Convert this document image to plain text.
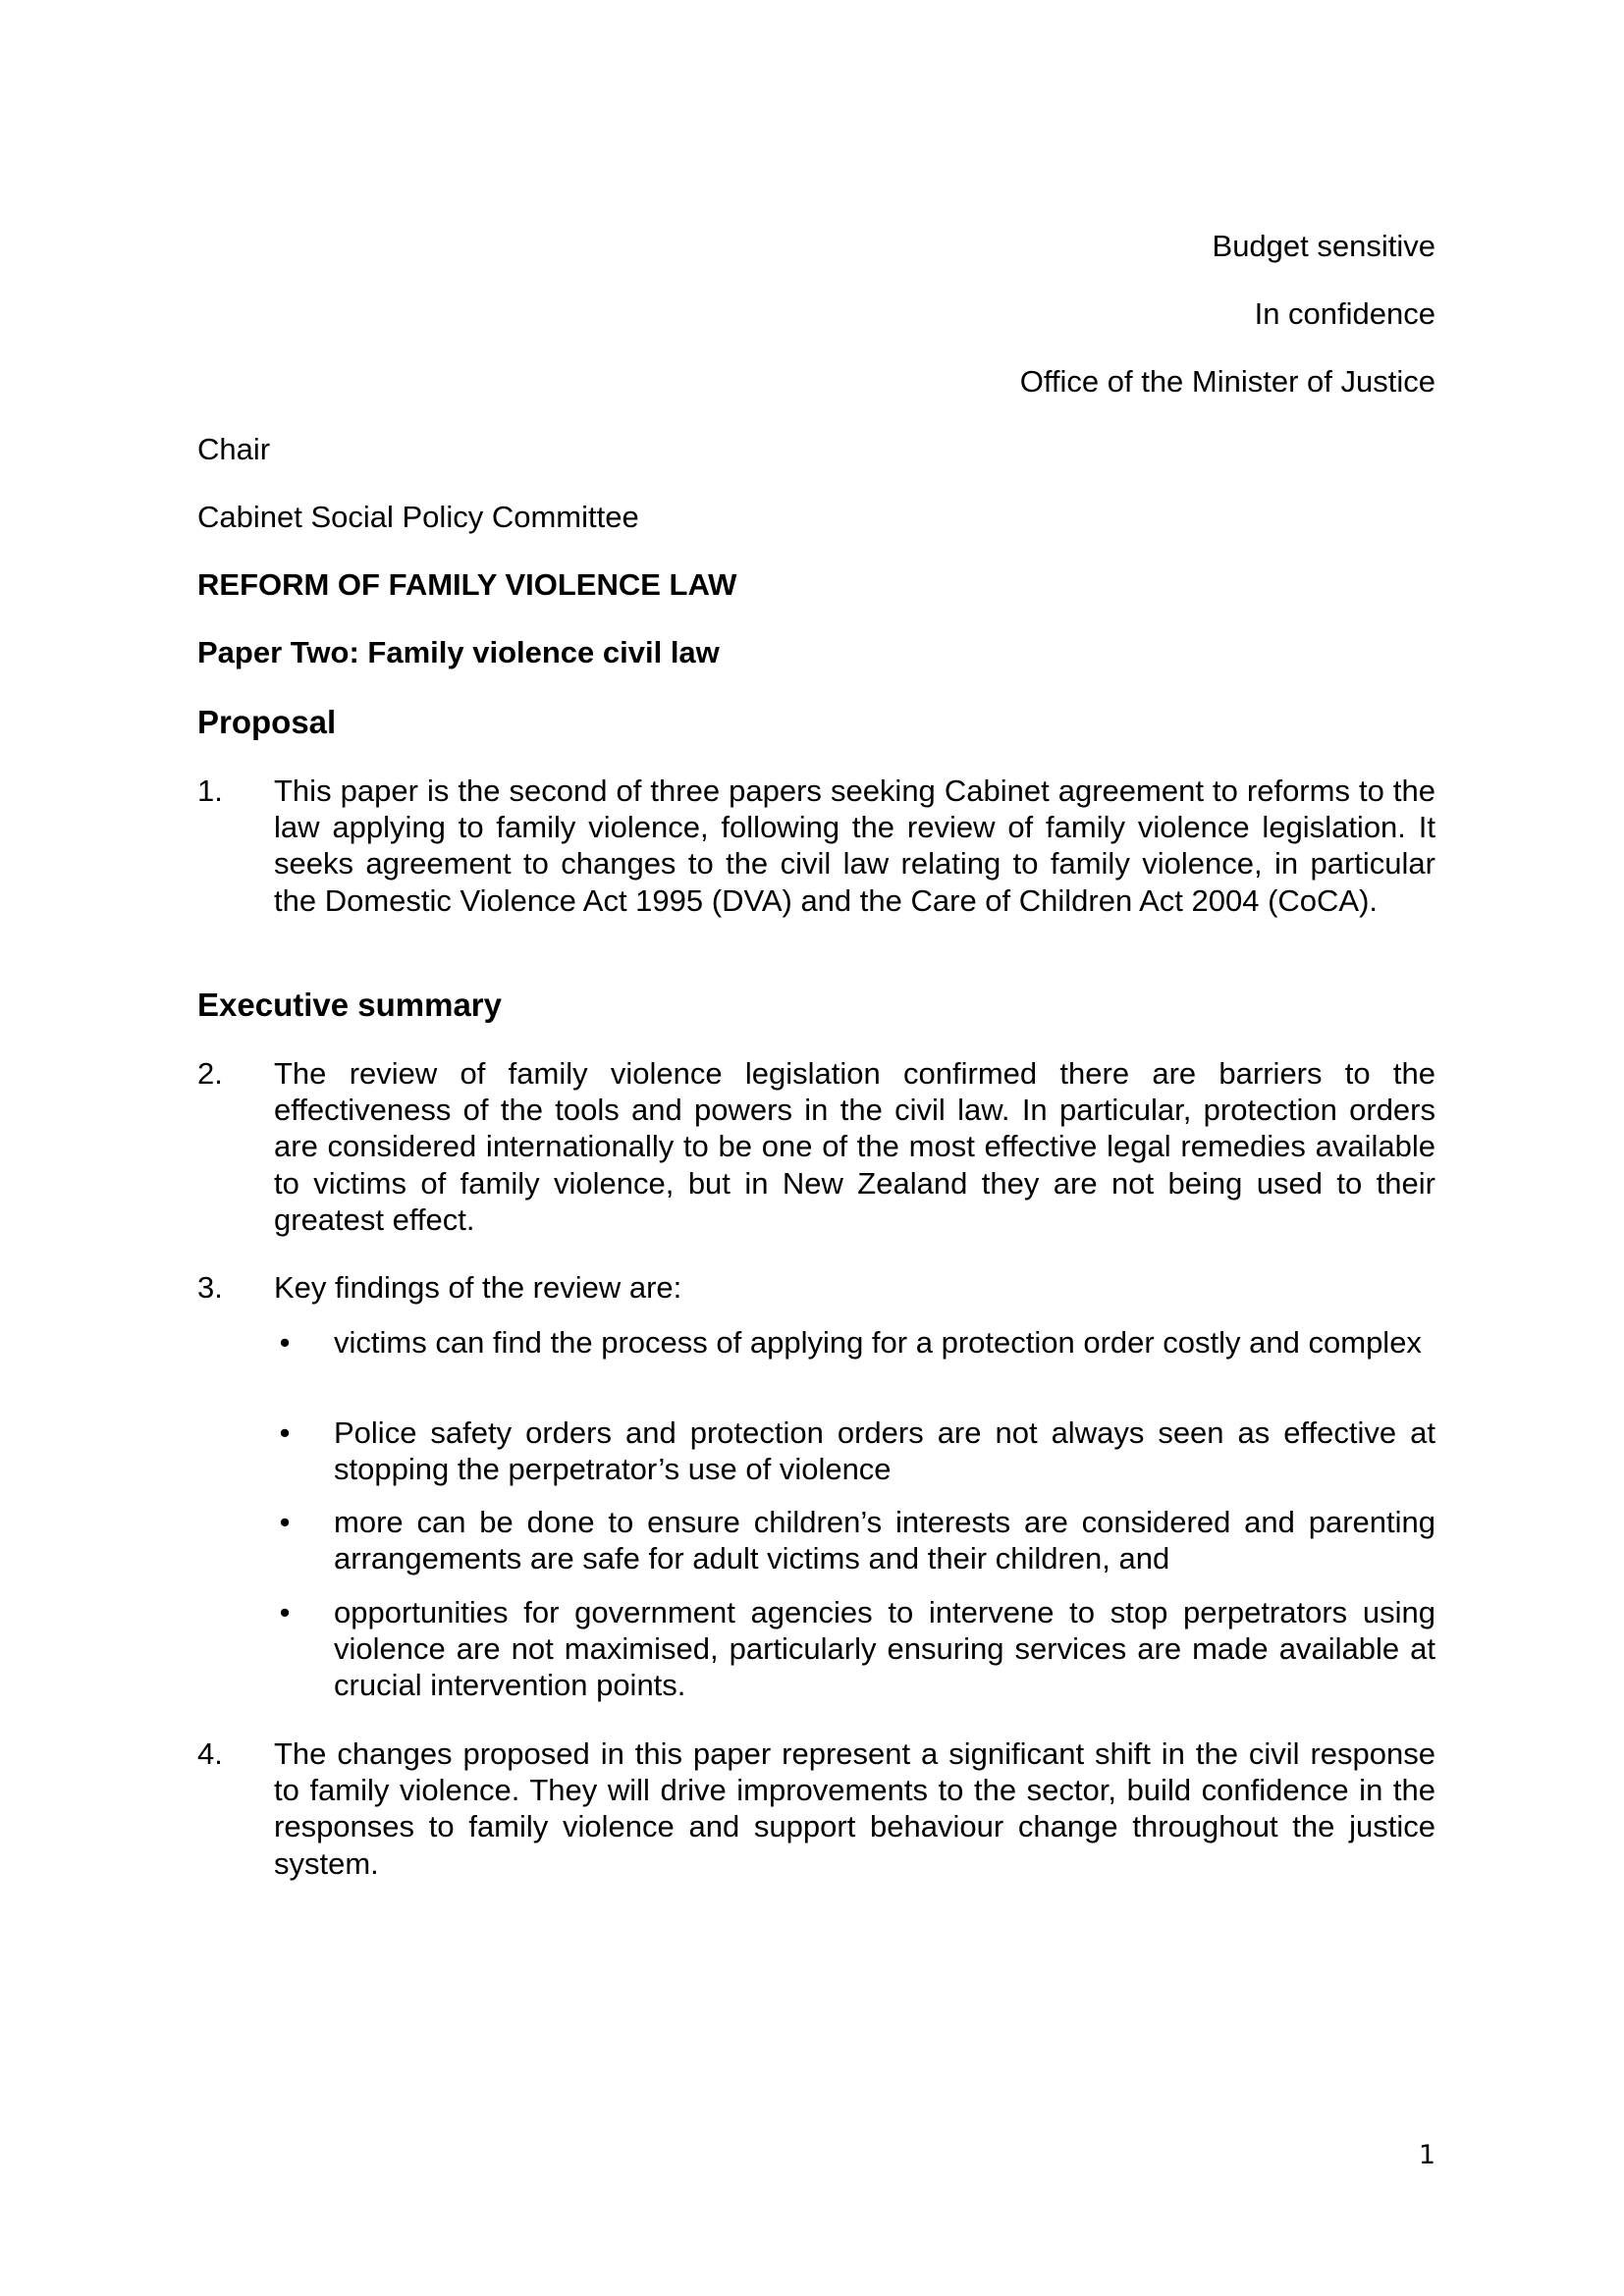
Budget sensitive
In confidence
Office of the Minister of Justice
Chair
Cabinet Social Policy Committee
REFORM OF FAMILY VIOLENCE LAW
Paper Two: Family violence civil law
Proposal
1. This paper is the second of three papers seeking Cabinet agreement to reforms to the law applying to family violence, following the review of family violence legislation. It seeks agreement to changes to the civil law relating to family violence, in particular the Domestic Violence Act 1995 (DVA) and the Care of Children Act 2004 (CoCA).
Executive summary
2. The review of family violence legislation confirmed there are barriers to the effectiveness of the tools and powers in the civil law. In particular, protection orders are considered internationally to be one of the most effective legal remedies available to victims of family violence, but in New Zealand they are not being used to their greatest effect.
3. Key findings of the review are:
• victims can find the process of applying for a protection order costly and complex
• Police safety orders and protection orders are not always seen as effective at stopping the perpetrator’s use of violence
• more can be done to ensure children’s interests are considered and parenting arrangements are safe for adult victims and their children, and
• opportunities for government agencies to intervene to stop perpetrators using violence are not maximised, particularly ensuring services are made available at crucial intervention points.
4. The changes proposed in this paper represent a significant shift in the civil response to family violence. They will drive improvements to the sector, build confidence in the responses to family violence and support behaviour change throughout the justice system.
1
